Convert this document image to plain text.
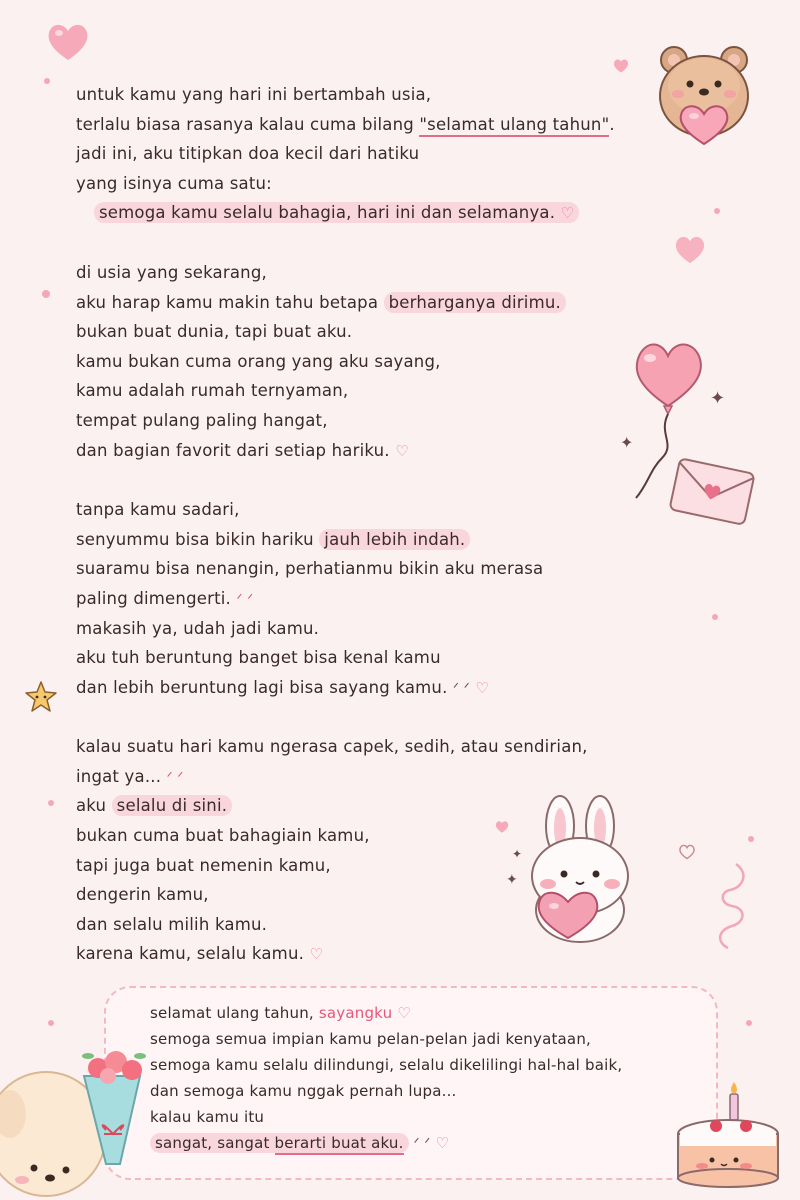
✦
✦
✦
✦
untuk kamu yang hari ini bertambah usia,
terlalu biasa rasanya kalau cuma bilang "selamat ulang tahun".
jadi ini, aku titipkan doa kecil dari hatiku
yang isinya cuma satu:
semoga kamu selalu bahagia, hari ini dan selamanya. ♡
di usia yang sekarang,
aku harap kamu makin tahu betapa berharganya dirimu.
bukan buat dunia, tapi buat aku.
kamu bukan cuma orang yang aku sayang,
kamu adalah rumah ternyaman,
tempat pulang paling hangat,
dan bagian favorit dari setiap hariku. ♡
tanpa kamu sadari,
senyummu bisa bikin hariku jauh lebih indah.
suaramu bisa nenangin, perhatianmu bikin aku merasa
paling dimengerti. ᐟ ᐟ
makasih ya, udah jadi kamu.
aku tuh beruntung banget bisa kenal kamu
dan lebih beruntung lagi bisa sayang kamu. ᐟ ᐟ ♡
kalau suatu hari kamu ngerasa capek, sedih, atau sendirian,
ingat ya... ᐟ ᐟ
aku selalu di sini.
bukan cuma buat bahagiain kamu,
tapi juga buat nemenin kamu,
dengerin kamu,
dan selalu milih kamu.
karena kamu, selalu kamu. ♡
selamat ulang tahun, sayangku ♡
semoga semua impian kamu pelan-pelan jadi kenyataan,
semoga kamu selalu dilindungi, selalu dikelilingi hal-hal baik,
dan semoga kamu nggak pernah lupa...
kalau kamu itu
sangat, sangat berarti buat aku. ᐟ ᐟ ♡
